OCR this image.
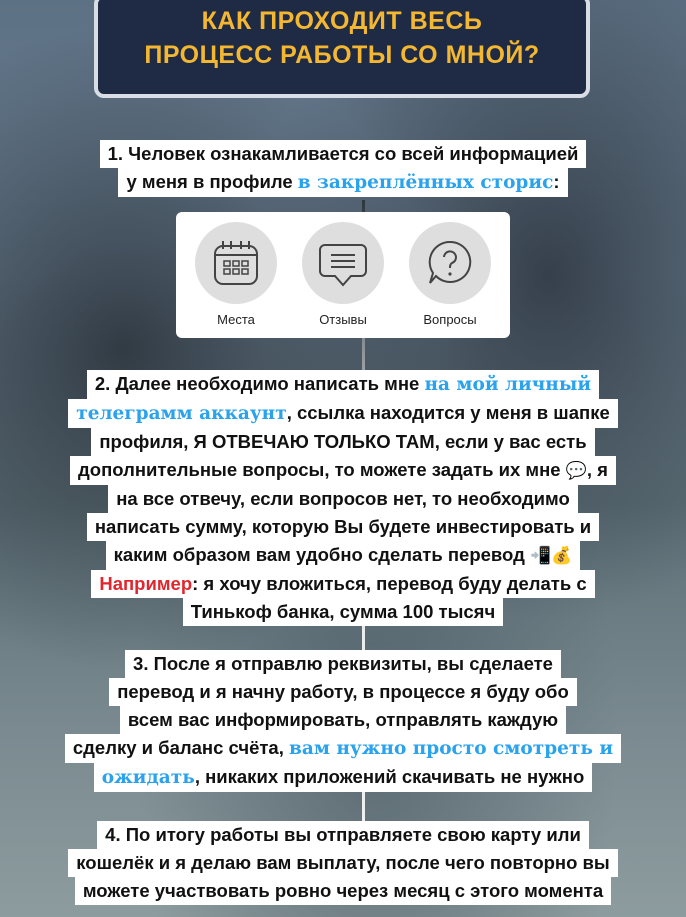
КАК ПРОХОДИТ ВЕСЬ
ПРОЦЕСС РАБОТЫ СО МНОЙ?
1. Человек ознакамливается со всей информацией
у меня в профиле в закреплённых сторис:
Места	Отзывы	Вопросы
2. Далее необходимо написать мне на мой личный
телеграмм аккаунт, ссылка находится у меня в шапке
профиля, Я ОТВЕЧАЮ ТОЛЬКО ТАМ, если у вас есть
дополнительные вопросы, то можете задать их мне 💬, я
на все отвечу, если вопросов нет, то необходимо
написать сумму, которую Вы будете инвестировать и
каким образом вам удобно сделать перевод 📲💰
Например: я хочу вложиться, перевод буду делать с
Тинькоф банка, сумма 100 тысяч
3. После я отправлю реквизиты, вы сделаете
перевод и я начну работу, в процессе я буду обо
всем вас информировать, отправлять каждую
сделку и баланс счёта, вам нужно просто смотреть и
ожидать, никаких приложений скачивать не нужно
4. По итогу работы вы отправляете свою карту или
кошелёк и я делаю вам выплату, после чего повторно вы
можете участвовать ровно через месяц с этого момента
